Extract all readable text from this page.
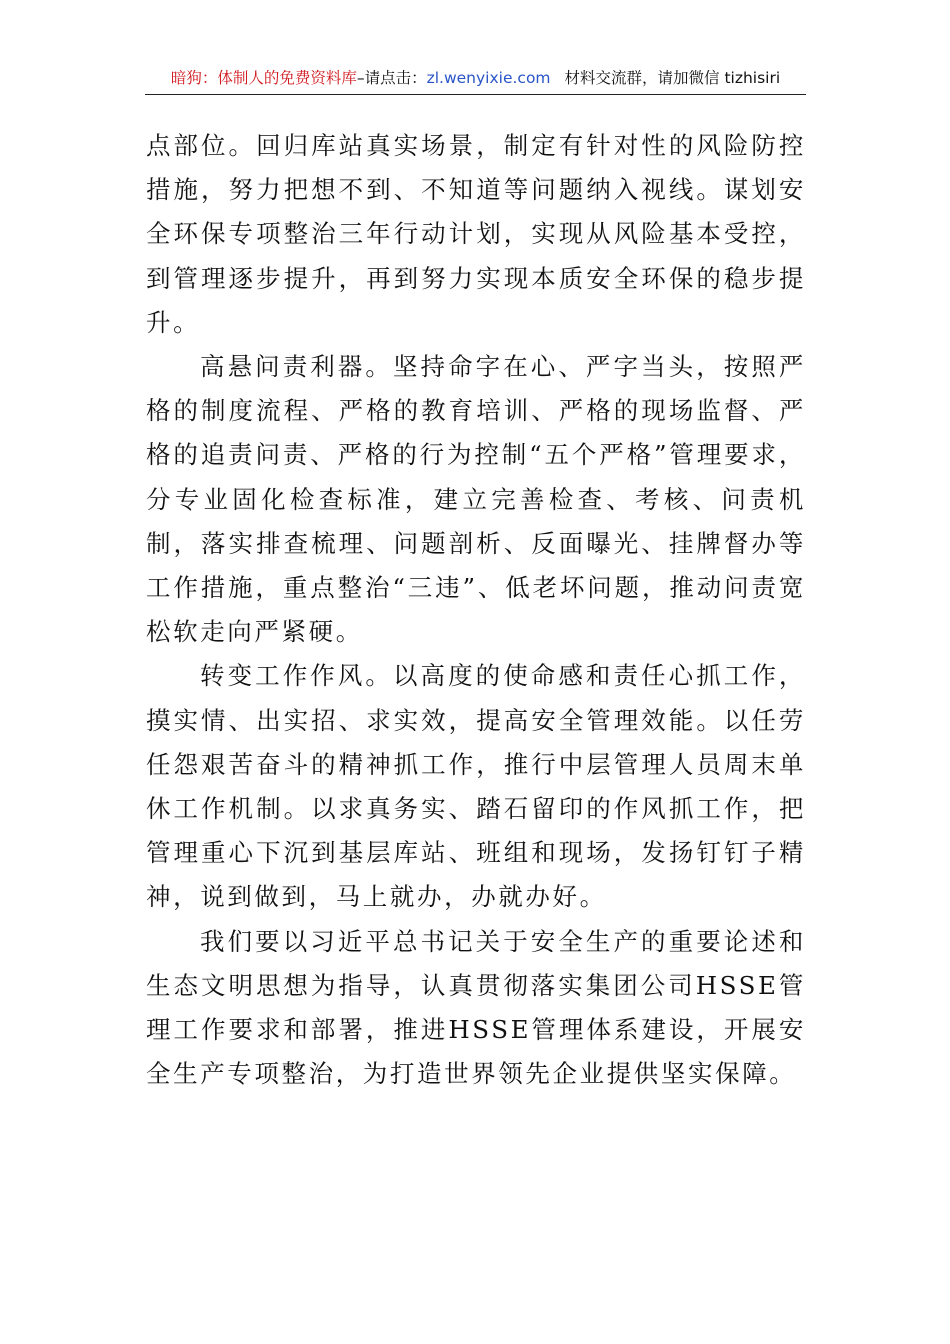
暗狗：体制人的免费资料库–请点击：zl.wenyixie.com 材料交流群，请加微信 tizhisiri

点部位。回归库站真实场景，制定有针对性的风险防控措施，努力把想不到、不知道等问题纳入视线。谋划安全环保专项整治三年行动计划，实现从风险基本受控，到管理逐步提升，再到努力实现本质安全环保的稳步提升。

高悬问责利器。坚持命字在心、严字当头，按照严格的制度流程、严格的教育培训、严格的现场监督、严格的追责问责、严格的行为控制“五个严格”管理要求，分专业固化检查标准，建立完善检查、考核、问责机制，落实排查梳理、问题剖析、反面曝光、挂牌督办等工作措施，重点整治“三违”、低老坏问题，推动问责宽松软走向严紧硬。

转变工作作风。以高度的使命感和责任心抓工作，摸实情、出实招、求实效，提高安全管理效能。以任劳任怨艰苦奋斗的精神抓工作，推行中层管理人员周末单休工作机制。以求真务实、踏石留印的作风抓工作，把管理重心下沉到基层库站、班组和现场，发扬钉钉子精神，说到做到，马上就办，办就办好。

我们要以习近平总书记关于安全生产的重要论述和生态文明思想为指导，认真贯彻落实集团公司HSSE管理工作要求和部署，推进HSSE管理体系建设，开展安全生产专项整治，为打造世界领先企业提供坚实保障。
